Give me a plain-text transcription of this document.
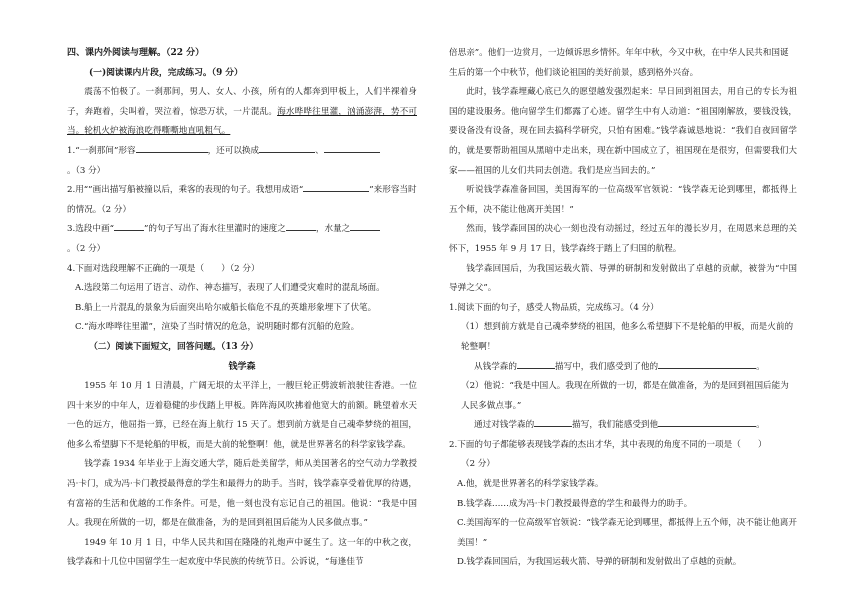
四、课内外阅读与理解。（22 分）

(一)阅读课内片段，完成练习。（9 分）

震荡不怕极了。一刹那间，男人、女人、小孩，所有的人都奔到甲板上，人们半裸着身子，奔跑着，尖叫着，哭泣着，惊恐万状，一片混乱。海水哗哗往里灌，汹涌澎湃，势不可当。轮机火炉被海浪吃得嘶嘶地直吼粗气。

1.“一刹那间”形容	，还可以换成	、。（3 分）

2.用“”画出描写船被撞以后，乘客的表现的句子。我想用成语“	”来形容当时的情况。（2 分）

3.选段中画“	”的句子写出了海水往里灌时的速度之	，水量之。（2 分）

4.下面对选段理解不正确的一项是（　　）（2 分）

A.选段第二句运用了语言、动作、神态描写，表现了人们遭受灾难时的混乱场面。

B.船上一片混乱的景象为后面突出哈尔威船长临危不乱的英雄形象埋下了伏笔。

C.“海水哗哗往里灌”，渲染了当时情况的危急，说明随时都有沉船的危险。

（二）阅读下面短文，回答问题。（13 分）

钱学森

1955 年 10 月 1 日清晨，广阔无垠的太平洋上，一艘巨轮正劈波斩浪驶往香港。一位四十来岁的中年人，迈着稳健的步伐踏上甲板。阵阵海风吹拂着他宽大的前额。眺望着水天一色的远方，他屈指一算，已经在海上航行 15 天了。想到前方就是自己魂牵梦绕的祖国，他多么希望脚下不是轮船的甲板，而是大前的轮整啊！他，就是世界著名的科学家钱学森。

钱学森 1934 年毕业于上海交通大学，随后赴美留学，师从美国著名的空气动力学教授冯·卡门，成为冯·卡门教授最得意的学生和最得力的助手。当时，钱学森享受着优厚的待遇，有富裕的生活和优越的工作条件。可是，他一刻也没有忘记自己的祖国。他说：“我是中国人。我现在所做的一切，都是在做准备，为的是回到祖国后能为人民多做点事。”

1949 年 10 月 1 日，中华人民共和国在隆隆的礼炮声中诞生了。这一年的中秋之夜，钱学森和十几位中国留学生一起欢度中华民族的传统节日。公诉说，“每逢佳节

倍思亲”。他们一边赏月，一边倾诉思乡情怀。年年中秋，今又中秋，在中华人民共和国诞生后的第一个中秋节，他们谈论祖国的美好前景，感到格外兴奋。

此时，钱学森埋藏心底已久的愿望越发强烈起来：早日回到祖国去，用自己的专长为祖国的建设服务。他向留学生们都露了心迹。留学生中有人动道：“祖国刚解放，要钱没钱，要设备没有设备，现在回去搞科学研究，只怕有困难。”钱学森诚恳地说：“我们自夜回留学的，就是要帮助祖国从黑暗中走出来，现在新中国成立了，祖国现在是很穷，但需要我们大家——祖国的儿女们共同去创造。我们是应当回去的。”

听说钱学森准备回国，美国海军的一位高级军官领说：“钱学森无论到哪里，都抵得上五个师，决不能让他离开美国！”

然而，钱学森回国的决心一刻也没有动摇过，经过五年的漫长岁月，在周恩来总理的关怀下，1955 年 9 月 17 日，钱学森终于踏上了归国的航程。

钱学森回国后，为我国运载火箭、导弹的研制和发射做出了卓越的贡献，被誉为“中国导弹之父”。

1.阅读下面的句子，感受人物品质，完成练习。（4 分）

（1）想到前方就是自己魂牵梦绕的祖国，他多么希望脚下不是轮船的甲板，而是火前的轮整啊！

从钱学森的	描写中，我们感受到了他的	。

（2）他说：“我是中国人。我现在所做的一切，都是在做准备，为的是回到祖国后能为人民多做点事。”

通过对钱学森的	描写，我们能感受到他	。

2.下面的句子都能够表现钱学森的杰出才华，其中表现的角度不同的一项是（　　）

（2 分）

A.他，就是世界著名的科学家钱学森。

B.钱学森……成为冯·卡门教授最得意的学生和最得力的助手。

C.美国海军的一位高级军官领说：“钱学森无论到哪里，都抵得上五个师，决不能让他离开美国！”

D.钱学森回国后，为我国运载火箭、导弹的研制和发射做出了卓越的贡献。
